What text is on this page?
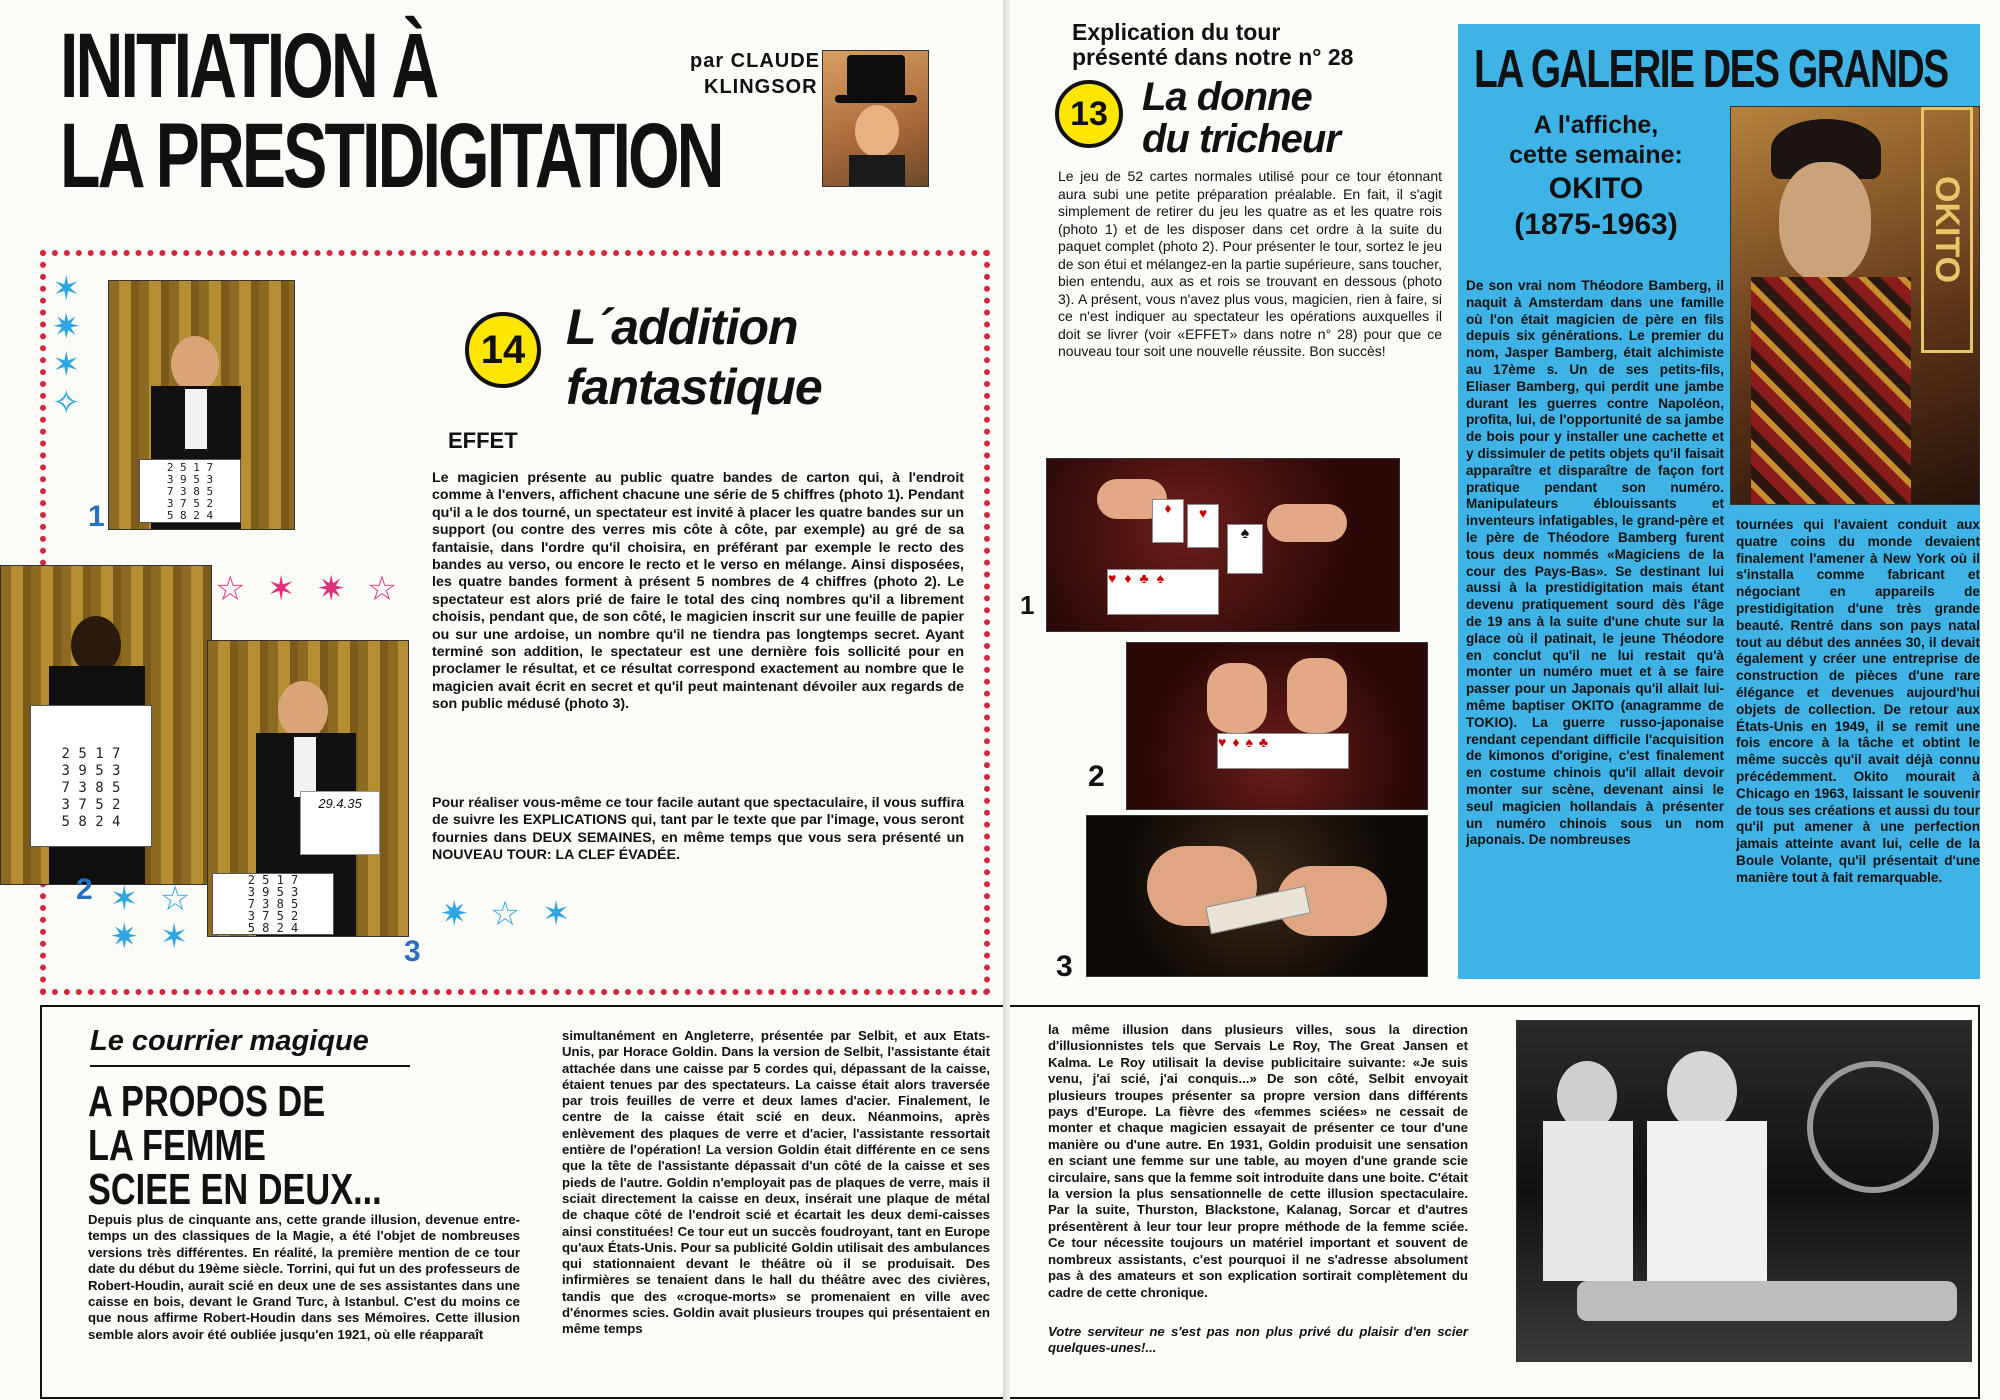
INITIATION À
LA PRESTIDIGITATION
par CLAUDE
KLINGSOR
2 5 1 7
3 9 5 3
7 3 8 5
3 7 5 2
5 8 2 4
1
2 5 1 7
3 9 5 3
7 3 8 5
3 7 5 2
5 8 2 4
2
29.4.35
2 5 1 7
3 9 5 3
7 3 8 5
3 7 5 2
5 8 2 4
3
✶
✷
✶
✧
☆ ✶ ✷ ☆
✶ ☆
✷ ✶
✷ ☆ ✶
14 L´addition
fantastique
EFFET
Le magicien présente au public quatre bandes de carton qui, à l'endroit comme à l'envers, affichent chacune une série de 5 chiffres (photo 1). Pendant qu'il a le dos tourné, un spectateur est invité à placer les quatre bandes sur un support (ou contre des verres mis côte à côte, par exemple) au gré de sa fantaisie, dans l'ordre qu'il choisira, en préférant par exemple le recto des bandes au verso, ou encore le recto et le verso en mélange. Ainsi disposées, les quatre bandes forment à présent 5 nombres de 4 chiffres (photo 2). Le spectateur est alors prié de faire le total des cinq nombres qu'il a librement choisis, pendant que, de son côté, le magicien inscrit sur une feuille de papier ou sur une ardoise, un nombre qu'il ne tiendra pas longtemps secret. Ayant terminé son addition, le spectateur est une dernière fois sollicité pour en proclamer le résultat, et ce résultat correspond exactement au nombre que le magicien avait écrit en secret et qu'il peut maintenant dévoiler aux regards de son public médusé (photo 3).
Pour réaliser vous-même ce tour facile autant que spectaculaire, il vous suffira de suivre les EXPLICATIONS qui, tant par le texte que par l'image, vous seront fournies dans DEUX SEMAINES, en même temps que vous sera présenté un NOUVEAU TOUR: LA CLEF ÉVADÉE.
Le courrier magique
A PROPOS DE
LA FEMME
SCIEE EN DEUX...
Depuis plus de cinquante ans, cette grande illusion, devenue entre-temps un des classiques de la Magie, a été l'objet de nombreuses versions très différentes. En réalité, la première mention de ce tour date du début du 19ème siècle. Torrini, qui fut un des professeurs de Robert-Houdin, aurait scié en deux une de ses assistantes dans une caisse en bois, devant le Grand Turc, à Istanbul. C'est du moins ce que nous affirme Robert-Houdin dans ses Mémoires. Cette illusion semble alors avoir été oubliée jusqu'en 1921, où elle réapparaît
simultanément en Angleterre, présentée par Selbit, et aux Etats-Unis, par Horace Goldin. Dans la version de Selbit, l'assistante était attachée dans une caisse par 5 cordes qui, dépassant de la caisse, étaient tenues par des spectateurs. La caisse était alors traversée par trois feuilles de verre et deux lames d'acier. Finalement, le centre de la caisse était scié en deux. Néanmoins, après enlèvement des plaques de verre et d'acier, l'assistante ressortait entière de l'opération! La version Goldin était différente en ce sens que la tête de l'assistante dépassait d'un côté de la caisse et ses pieds de l'autre. Goldin n'employait pas de plaques de verre, mais il sciait directement la caisse en deux, insérait une plaque de métal de chaque côté de l'endroit scié et écartait les deux demi-caisses ainsi constituées! Ce tour eut un succès foudroyant, tant en Europe qu'aux États-Unis. Pour sa publicité Goldin utilisait des ambulances qui stationnaient devant le théâtre où il se produisait. Des infirmières se tenaient dans le hall du théâtre avec des civières, tandis que des «croque-morts» se promenaient en ville avec d'énormes scies. Goldin avait plusieurs troupes qui présentaient en même temps
Explication du tour
présenté dans notre n° 28
13 La donne
du tricheur
Le jeu de 52 cartes normales utilisé pour ce tour étonnant aura subi une petite préparation préalable. En fait, il s'agit simplement de retirer du jeu les quatre as et les quatre rois (photo 1) et de les disposer dans cet ordre à la suite du paquet complet (photo 2). Pour présenter le tour, sortez le jeu de son étui et mélangez-en la partie supérieure, sans toucher, bien entendu, aux as et rois se trouvant en dessous (photo 3). A présent, vous n'avez plus vous, magicien, rien à faire, si ce n'est indiquer au spectateur les opérations auxquelles il doit se livrer (voir «EFFET» dans notre n° 28) pour que ce nouveau tour soit une nouvelle réussite. Bon succès!
♦	♥
♠
♥♦♣♠
1
♥♦♠♣
2
3
LA GALERIE DES GRANDS
A l'affiche,
cette semaine:
OKITO
(1875-1963)	OKITO
De son vrai nom Théodore Bamberg, il naquit à Amsterdam dans une famille où l'on était magicien de père en fils depuis six générations. Le premier du nom, Jasper Bamberg, était alchimiste au 17ème s. Un de ses petits-fils, Eliaser Bamberg, qui perdit une jambe durant les guerres contre Napoléon, profita, lui, de l'opportunité de sa jambe de bois pour y installer une cachette et y dissimuler de petits objets qu'il faisait apparaître et disparaître de façon fort pratique pendant son numéro. Manipulateurs éblouissants et inventeurs infatigables, le grand-père et le père de Théodore Bamberg furent tous deux nommés «Magiciens de la cour des Pays-Bas». Se destinant lui aussi à la prestidigitation mais étant devenu pratiquement sourd dès l'âge de 19 ans à la suite d'une chute sur la glace où il patinait, le jeune Théodore en conclut qu'il ne lui restait qu'à monter un numéro muet et à se faire passer pour un Japonais qu'il allait lui-même baptiser OKITO (anagramme de TOKIO). La guerre russo-japonaise rendant cependant difficile l'acquisition de kimonos d'origine, c'est finalement en costume chinois qu'il allait devoir monter sur scène, devenant ainsi le seul magicien hollandais à présenter un numéro chinois sous un nom japonais. De nombreuses
tournées qui l'avaient conduit aux quatre coins du monde devaient finalement l'amener à New York où il s'installa comme fabricant et négociant en appareils de prestidigitation d'une très grande beauté. Rentré dans son pays natal tout au début des années 30, il devait également y créer une entreprise de construction de pièces d'une rare élégance et devenues aujourd'hui objets de collection. De retour aux États-Unis en 1949, il se remit une fois encore à la tâche et obtint le même succès qu'il avait déjà connu précédemment. Okito mourait à Chicago en 1963, laissant le souvenir de tous ses créations et aussi du tour qu'il put amener à une perfection jamais atteinte avant lui, celle de la Boule Volante, qu'il présentait d'une manière tout à fait remarquable.
la même illusion dans plusieurs villes, sous la direction d'illusionnistes tels que Servais Le Roy, The Great Jansen et Kalma. Le Roy utilisait la devise publicitaire suivante: «Je suis venu, j'ai scié, j'ai conquis...» De son côté, Selbit envoyait plusieurs troupes présenter sa propre version dans différents pays d'Europe. La fièvre des «femmes sciées» ne cessait de monter et chaque magicien essayait de présenter ce tour d'une manière ou d'une autre. En 1931, Goldin produisit une sensation en sciant une femme sur une table, au moyen d'une grande scie circulaire, sans que la femme soit introduite dans une boite. C'était la version la plus sensationnelle de cette illusion spectaculaire. Par la suite, Thurston, Blackstone, Kalanag, Sorcar et d'autres présentèrent à leur tour leur propre méthode de la femme sciée. Ce tour nécessite toujours un matériel important et souvent de nombreux assistants, c'est pourquoi il ne s'adresse absolument pas à des amateurs et son explication sortirait complètement du cadre de cette chronique.
Votre serviteur ne s'est pas non plus privé du plaisir d'en scier quelques-unes!...
